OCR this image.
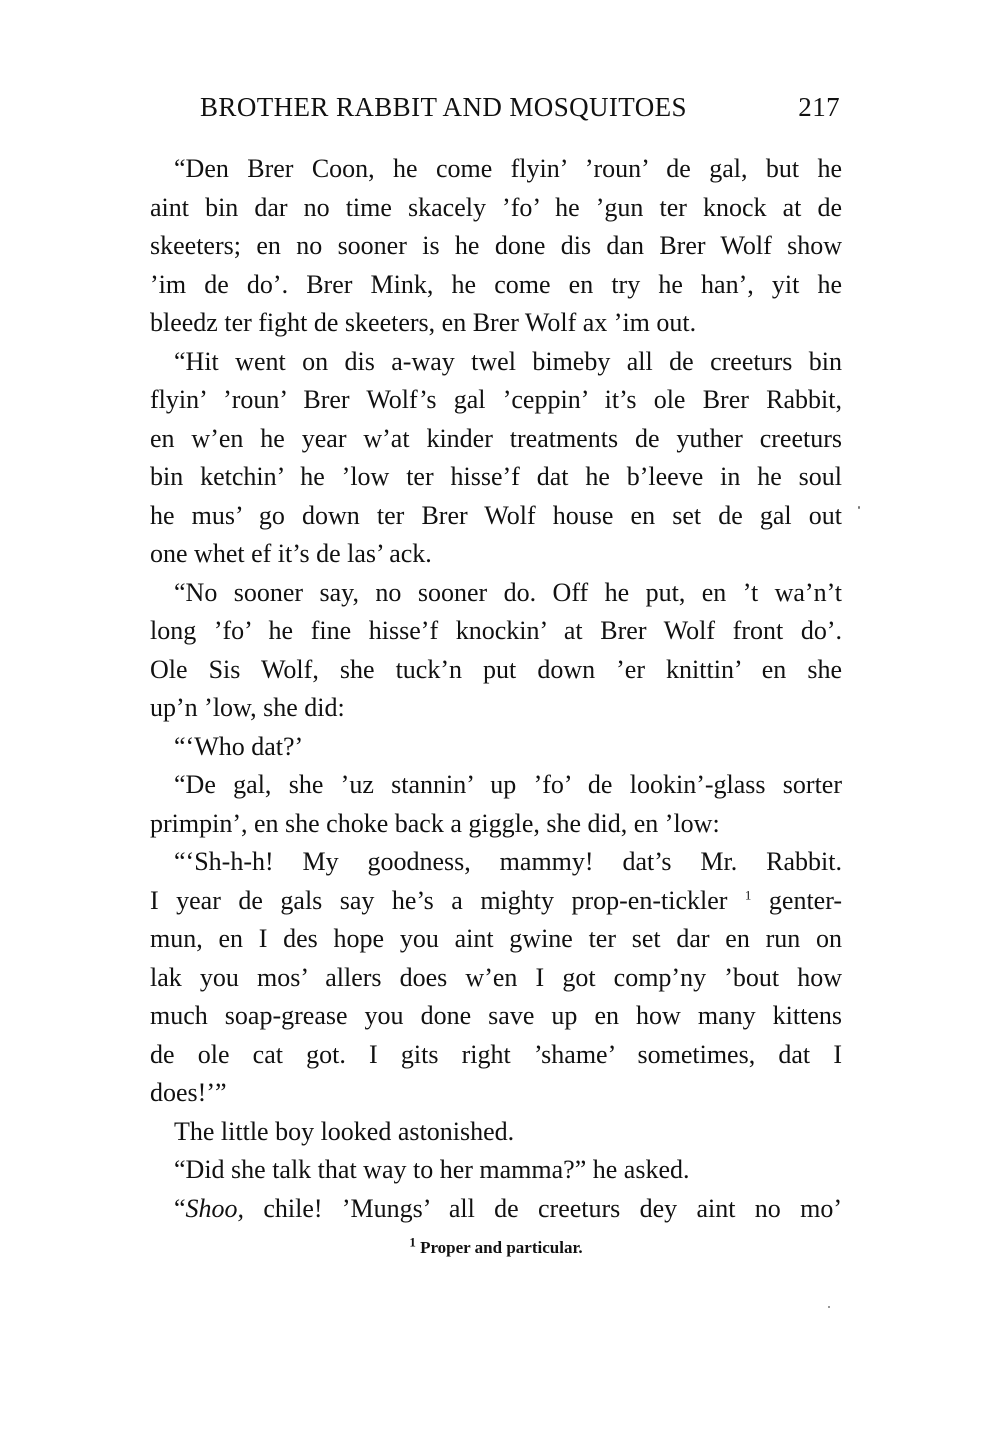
BROTHER RABBIT AND MOSQUITOES	217
“Den Brer Coon, he come flyin’ ’roun’ de gal, but he
aint bin dar no time skacely ’fo’ he ’gun ter knock at de
skeeters; en no sooner is he done dis dan Brer Wolf show
’im de do’. Brer Mink, he come en try he han’, yit he
bleedz ter fight de skeeters, en Brer Wolf ax ’im out.
“Hit went on dis a-way twel bimeby all de creeturs bin
flyin’ ’roun’ Brer Wolf’s gal ’ceppin’ it’s ole Brer Rabbit,
en w’en he year w’at kinder treatments de yuther creeturs
bin ketchin’ he ’low ter hisse’f dat he b’leeve in he soul
he mus’ go down ter Brer Wolf house en set de gal out
one whet ef it’s de las’ ack.
“No sooner say, no sooner do. Off he put, en ’t wa’n’t
long ’fo’ he fine hisse’f knockin’ at Brer Wolf front do’.
Ole Sis Wolf, she tuck’n put down ’er knittin’ en she
up’n ’low, she did:
“‘Who dat?’
“De gal, she ’uz stannin’ up ’fo’ de lookin’-glass sorter
primpin’, en she choke back a giggle, she did, en ’low:
“‘Sh-h-h! My goodness, mammy! dat’s Mr. Rabbit.
I year de gals say he’s a mighty prop-en-tickler $^1$ genter-
mun, en I des hope you aint gwine ter set dar en run on
lak you mos’ allers does w’en I got comp’ny ’bout how
much soap-grease you done save up en how many kittens
de ole cat got. I gits right ’shame’ sometimes, dat I
does!’”
The little boy looked astonished.
“Did she talk that way to her mamma?” he asked.
“Shoo, chile! ’Mungs’ all de creeturs dey aint no mo’
$^1$ Proper and particular.
